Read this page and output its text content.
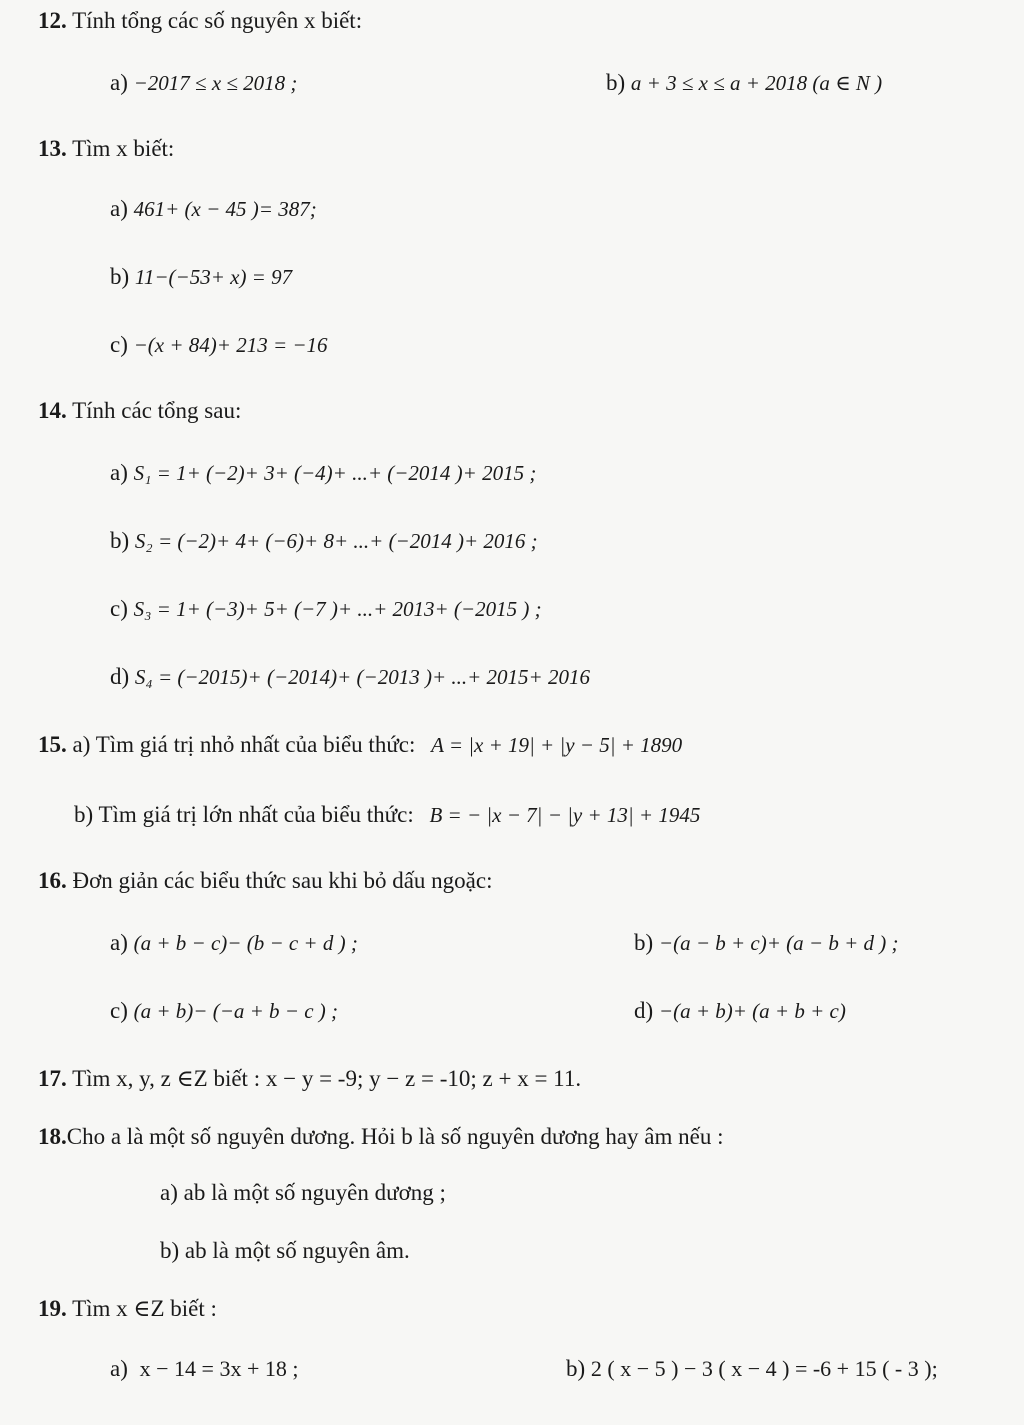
12. Tính tổng các số nguyên x biết:
a) −2017 ≤ x ≤ 2018 ;	b) a + 3 ≤ x ≤ a + 2018 (a ∈ N )
13. Tìm x biết:
a) 461+ (x − 45 )= 387;
b) 11−(−53+ x) = 97
c) −(x + 84)+ 213 = −16
14. Tính các tổng sau:
a) S₁ = 1+ (−2)+ 3+ (−4)+ ...+ (−2014 )+ 2015 ;
b) S₂ = (−2)+ 4+ (−6)+ 8+ ...+ (−2014 )+ 2016 ;
c) S₃ = 1+ (−3)+ 5+ (−7 )+ ...+ 2013+ (−2015 ) ;
d) S₄ = (−2015)+ (−2014)+ (−2013 )+ ...+ 2015+ 2016
15. a) Tìm giá trị nhỏ nhất của biểu thức: A = |x + 19| + |y − 5| + 1890
b) Tìm giá trị lớn nhất của biểu thức: B = − |x − 7| − |y + 13| + 1945
16. Đơn giản các biểu thức sau khi bỏ dấu ngoặc:
a) (a + b − c)− (b − c + d ) ;	b) −(a − b + c)+ (a − b + d ) ;
c) (a + b)− (−a + b − c ) ;	d) −(a + b)+ (a + b + c)
17. Tìm x, y, z ∈Z biết : x − y = -9; y − z = -10; z + x = 11.
18.Cho a là một số nguyên dương. Hỏi b là số nguyên dương hay âm nếu :
a) ab là một số nguyên dương ;
b) ab là một số nguyên âm.
19. Tìm x ∈Z biết :
a) x − 14 = 3x + 18 ;	b) 2 ( x − 5 ) − 3 ( x − 4 ) = -6 + 15 ( - 3 );
